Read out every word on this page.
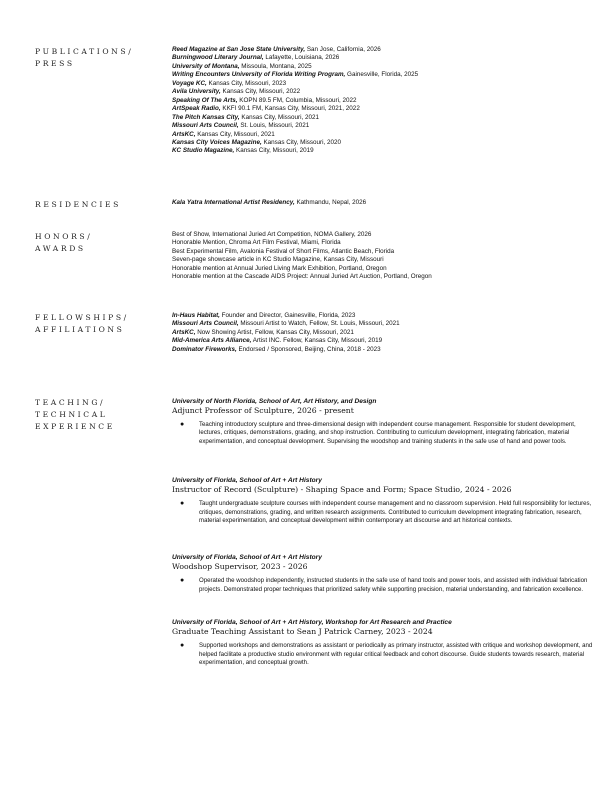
PUBLICATIONS/
PRESS
Reed Magazine at San Jose State University, San Jose, California, 2026
Burningwood Literary Journal, Lafayette, Louisiana, 2026
University of Montana, Missoula, Montana, 2025
Writing Encounters University of Florida Writing Program, Gainesville, Florida, 2025
Voyage KC, Kansas City, Missouri, 2023
Avila University, Kansas City, Missouri, 2022
Speaking Of The Arts, KOPN 89.5 FM, Columbia, Missouri, 2022
ArtSpeak Radio, KKFI 90.1 FM, Kansas City, Missouri, 2021, 2022
The Pitch Kansas City, Kansas City, Missouri, 2021
Missouri Arts Council, St. Louis, Missouri, 2021
ArtsKC, Kansas City, Missouri, 2021
Kansas City Voices Magazine, Kansas City, Missouri, 2020
KC Studio Magazine, Kansas City, Missouri, 2019
RESIDENCIES	Kala Yatra International Artist Residency, Kathmandu, Nepal, 2026
HONORS/
AWARDS
Best of Show, International Juried Art Competition, NOMA Gallery, 2026
Honorable Mention, Chroma Art Film Festival, Miami, Florida
Best Experimental Film, Avalonia Festival of Short Films, Atlantic Beach, Florida
Seven-page showcase article in KC Studio Magazine, Kansas City, Missouri
Honorable mention at Annual Juried Living Mark Exhibition, Portland, Oregon
Honorable mention at the Cascade AIDS Project: Annual Juried Art Auction, Portland, Oregon
FELLOWSHIPS/
AFFILIATIONS
In-Haus Habitat, Founder and Director, Gainesville, Florida, 2023
Missouri Arts Council, Missouri Artist to Watch, Fellow, St. Louis, Missouri, 2021
ArtsKC, Now Showing Artist, Fellow, Kansas City, Missouri, 2021
Mid-America Arts Alliance, Artist INC. Fellow, Kansas City, Missouri, 2019
Dominator Fireworks, Endorsed / Sponsored, Beijing, China, 2018 - 2023
TEACHING/
TECHNICAL
EXPERIENCE
University of North Florida, School of Art, Art History, and Design
Adjunct Professor of Sculpture, 2026 - present
● Teaching introductory sculpture and three-dimensional design with independent course management. Responsible for student development, lectures, critiques, demonstrations, grading, and shop instruction. Contributing to curriculum development, integrating fabrication, material experimentation, and conceptual development. Supervising the woodshop and training students in the safe use of hand and power tools.
University of Florida, School of Art + Art History
Instructor of Record (Sculpture) - Shaping Space and Form; Space Studio, 2024 - 2026
● Taught undergraduate sculpture courses with independent course management and no classroom supervision. Held full responsibility for lectures, critiques, demonstrations, grading, and written research assignments. Contributed to curriculum development integrating fabrication, research, material experimentation, and conceptual development within contemporary art discourse and art historical contexts.
University of Florida, School of Art + Art History
Woodshop Supervisor, 2023 - 2026
● Operated the woodshop independently, instructed students in the safe use of hand tools and power tools, and assisted with individual fabrication projects. Demonstrated proper techniques that prioritized safety while supporting precision, material understanding, and fabrication excellence.
University of Florida, School of Art + Art History, Workshop for Art Research and Practice
Graduate Teaching Assistant to Sean J Patrick Carney, 2023 - 2024
● Supported workshops and demonstrations as assistant or periodically as primary instructor, assisted with critique and workshop development, and helped facilitate a productive studio environment with regular critical feedback and cohort discourse. Guide students towards research, material experimentation, and conceptual growth.
